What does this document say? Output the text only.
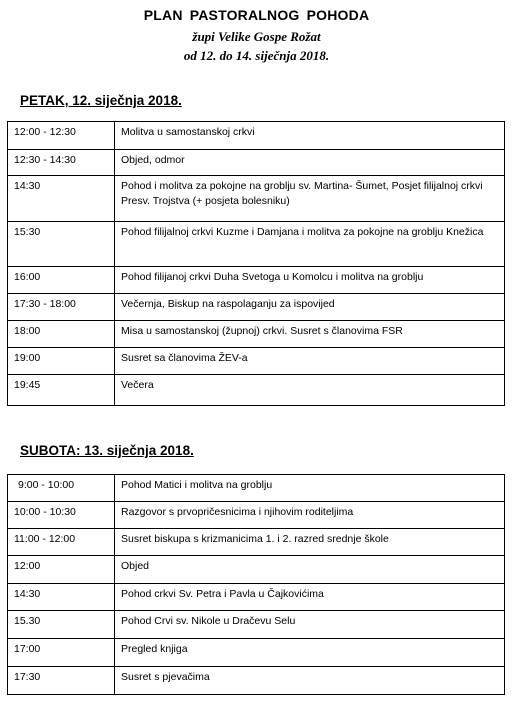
PLAN PASTORALNOG POHODA
župi Velike Gospe Rožat
od 12. do 14. siječnja 2018.
PETAK, 12. siječnja 2018.
12:00 - 12:30	Molitva u samostanskoj crkvi
12:30 - 14:30	Objed, odmor
14:30	Pohod i molitva za pokojne na groblju sv. Martina- Šumet, Posjet filijalnoj crkvi Presv. Trojstva (+ posjeta bolesniku)
15:30	Pohod filijalnoj crkvi Kuzme i Damjana i molitva za pokojne na groblju Knežica
16:00	Pohod filijanoj crkvi Duha Svetoga u Komolcu i molitva na groblju
17:30 - 18:00	Večernja, Biskup na raspolaganju za ispovijed
18:00	Misa u samostanskoj (župnoj) crkvi. Susret s članovima FSR
19:00	Susret sa članovima ŽEV-a
19:45	Večera
SUBOTA: 13. siječnja 2018.
9:00 - 10:00	Pohod Matici i molitva na groblju
10:00 - 10:30	Razgovor s prvopričesnicima i njihovim roditeljima
11:00 - 12:00	Susret biskupa s krizmanicima 1. i 2. razred srednje škole
12:00	Objed
14:30	Pohod crkvi Sv. Petra i Pavla u Čajkovićima
15.30	Pohod Crvi sv. Nikole u Dračevu Selu
17:00	Pregled knjiga
17:30	Susret s pjevačima
